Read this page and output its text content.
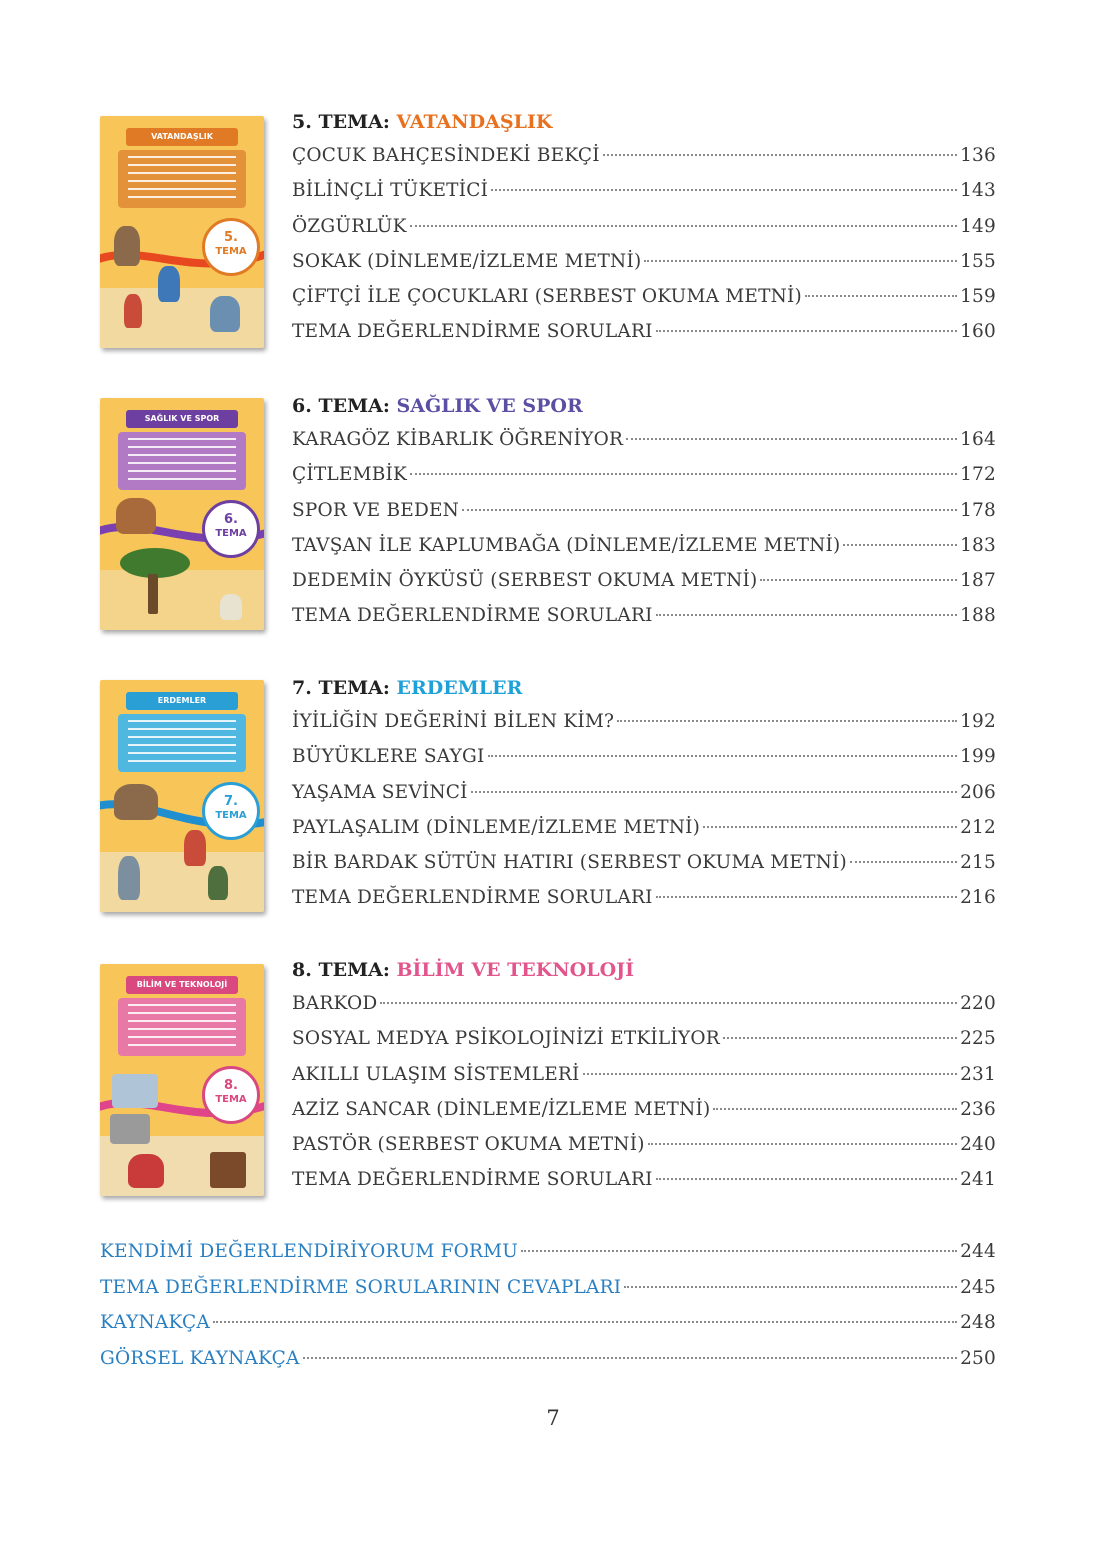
VATANDAŞLIK
5.
TEMA
5. TEMA: VATANDAŞLIK
ÇOCUK BAHÇESİNDEKİ BEKÇİ	136
BİLİNÇLİ TÜKETİCİ	143
ÖZGÜRLÜK	149
SOKAK (DİNLEME/İZLEME METNİ)	155
ÇİFTÇİ İLE ÇOCUKLARI (SERBEST OKUMA METNİ)	159
TEMA DEĞERLENDİRME SORULARI	160
SAĞLIK VE SPOR
6.
TEMA
6. TEMA: SAĞLIK VE SPOR
KARAGÖZ KİBARLIK ÖĞRENİYOR	164
ÇİTLEMBİK	172
SPOR VE BEDEN	178
TAVŞAN İLE KAPLUMBAĞA (DİNLEME/İZLEME METNİ)	183
DEDEMİN ÖYKÜSÜ (SERBEST OKUMA METNİ)	187
TEMA DEĞERLENDİRME SORULARI	188
ERDEMLER
7.
TEMA
7. TEMA: ERDEMLER
İYİLİĞİN DEĞERİNİ BİLEN KİM?	192
BÜYÜKLERE SAYGI	199
YAŞAMA SEVİNCİ	206
PAYLAŞALIM (DİNLEME/İZLEME METNİ)	212
BİR BARDAK SÜTÜN HATIRI (SERBEST OKUMA METNİ)	215
TEMA DEĞERLENDİRME SORULARI	216
BİLİM VE TEKNOLOJİ
8.
TEMA
8. TEMA: BİLİM VE TEKNOLOJİ
BARKOD	220
SOSYAL MEDYA PSİKOLOJİNİZİ ETKİLİYOR	225
AKILLI ULAŞIM SİSTEMLERİ	231
AZİZ SANCAR (DİNLEME/İZLEME METNİ)	236
PASTÖR (SERBEST OKUMA METNİ)	240
TEMA DEĞERLENDİRME SORULARI	241
KENDİMİ DEĞERLENDİRİYORUM FORMU	244
TEMA DEĞERLENDİRME SORULARININ CEVAPLARI	245
KAYNAKÇA	248
GÖRSEL KAYNAKÇA	250
7
